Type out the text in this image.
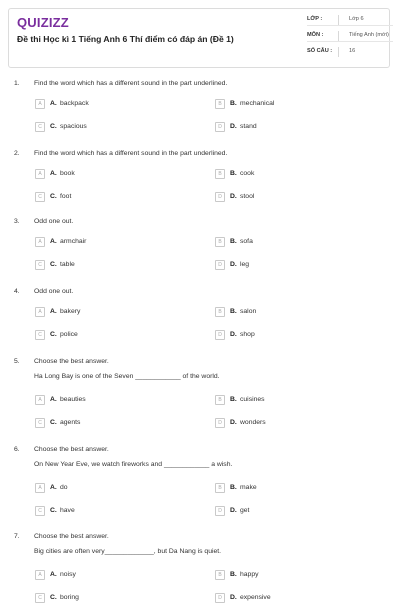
QUIZIZZ
Đề thi Học kì 1 Tiếng Anh 6 Thí điểm có đáp án (Đề 1)
LỚP :	Lớp 6
MÔN :	Tiếng Anh (mới)
SỐ CÂU :	16
1. Find the word which has a different sound in the part underlined.
A	A. backpack	B	B. mechanical
C	C. spacious	D	D. stand
2. Find the word which has a different sound in the part underlined.
A	A. book	B	B. cook
C	C. foot	D	D. stool
3. Odd one out.
A	A. armchair	B	B. sofa
C	C. table	D	D. leg
4. Odd one out.
A	A. bakery	B	B. salon
C	C. police	D	D. shop
5. Choose the best answer.
Ha Long Bay is one of the Seven ____________ of the world.
A	A. beauties	B	B. cuisines
C	C. agents	D	D. wonders
6. Choose the best answer.
On New Year Eve, we watch fireworks and ____________ a wish.
A	A. do	B	B. make
C	C. have	D	D. get
7. Choose the best answer.
Big cities are often very_____________, but Da Nang is quiet.
A	A. noisy	B	B. happy
C	C. boring	D	D. expensive
